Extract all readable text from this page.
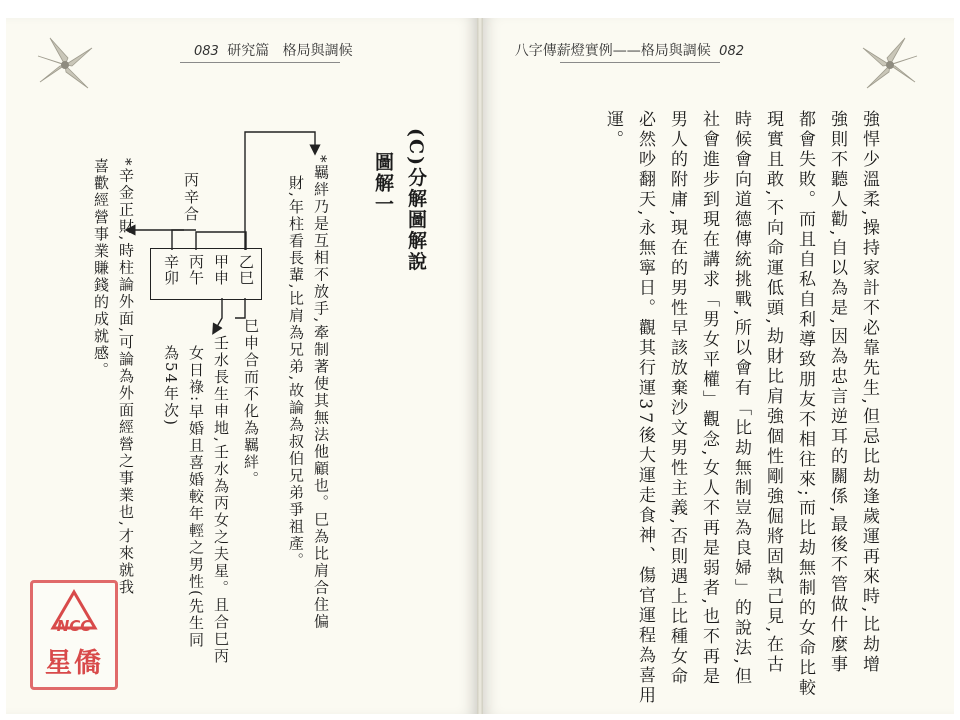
083 研究篇 格局與調候	八字傳薪燈實例——格局與調候 082
(C)分解圖解說
圖解一
*羈絆乃是互相不放手,牽制著使其無法他顧也。巳為比肩合住偏
財,年柱看長輩,比肩為兄弟,故論為叔伯兄弟爭祖產。
巳申合而不化為羈絆。
壬水長生申地,壬水為丙女之夫星。且合巳丙
女日祿:早婚且喜婚較年輕之男性(先生同
為54年次)
丙辛合
*辛金正財,時柱論外面,可論為外面經營之事業也,才來就我
喜歡經營事業賺錢的成就感。	乙巳
甲申
丙午
辛卯	強悍少溫柔,操持家計不必靠先生,但忌比劫逢歲運再來時,比劫增
強則不聽人勸,自以為是,因為忠言逆耳的關係,最後不管做什麼事
都會失敗。而且自私自利導致朋友不相往來;而比劫無制的女命比較
現實且敢,不向命運低頭,劫財比肩強個性剛強倔將固執己見,在古
時候會向道德傳統挑戰,所以會有「比劫無制豈為良婦」的說法,但
社會進步到現在講求「男女平權」觀念,女人不再是弱者,也不再是
男人的附庸,現在的男性早該放棄沙文男性主義,否則遇上比種女命
必然吵翻天,永無寧日。觀其行運37後大運走食神、傷官運程為喜用
運。
NCC
星僑
